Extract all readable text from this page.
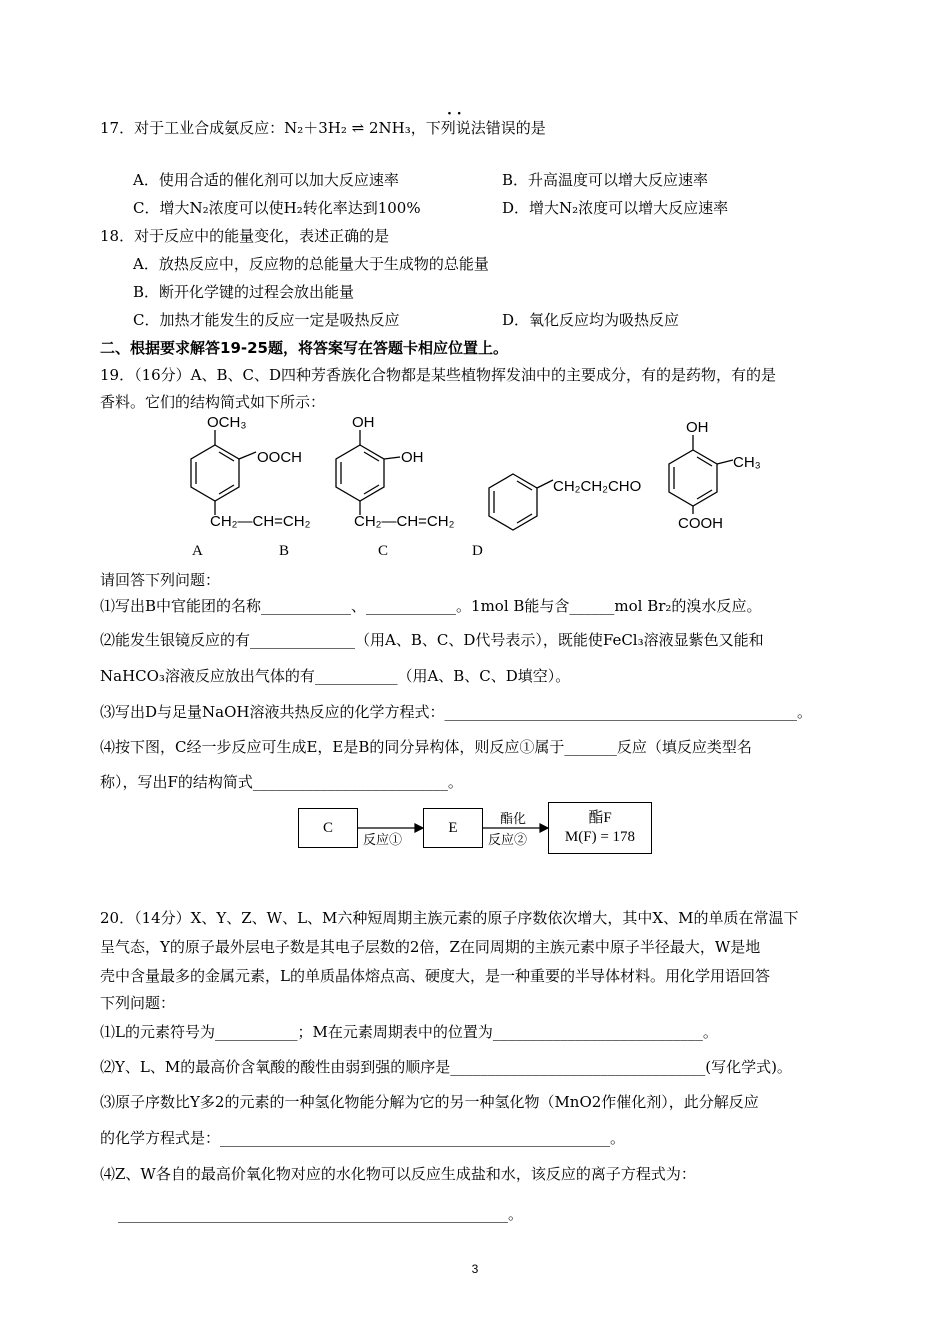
17．对于工业合成氨反应：N₂＋3H₂ ⇌ 2NH₃，下列说法错误的是
· ·
A．使用合适的催化剂可以加大反应速率	B．升高温度可以增大反应速率
C．增大N₂浓度可以使H₂转化率达到100%	D．增大N₂浓度可以增大反应速率
18．对于反应中的能量变化，表述正确的是
A．放热反应中，反应物的总能量大于生成物的总能量
B．断开化学键的过程会放出能量
C．加热才能发生的反应一定是吸热反应	D．氧化反应均为吸热反应
二、根据要求解答19-25题，将答案写在答题卡相应位置上。
19．（16分）A、B、C、D四种芳香族化合物都是某些植物挥发油中的主要成分，有的是药物，有的是
香料。它们的结构简式如下所示：
OCH₃
OOCH
CH₂—CH=CH₂
OH
OH
CH₂—CH=CH₂
CH₂CH₂CHO
OH
CH₃
COOH
A	B	C	D
请回答下列问题：
⑴写出B中官能团的名称____________、____________。1mol B能与含______mol Br₂的溴水反应。
⑵能发生银镜反应的有______________（用A、B、C、D代号表示），既能使FeCl₃溶液显紫色又能和
NaHCO₃溶液反应放出气体的有___________（用A、B、C、D填空）。
⑶写出D与足量NaOH溶液共热反应的化学方程式：_______________________________________________。
⑷按下图，C经一步反应可生成E，E是B的同分异构体，则反应①属于_______反应（填反应类型名
称），写出F的结构简式__________________________。
C	E
酯F
M(F) = 178
反应①
酯化
反应②
20．（14分）X、Y、Z、W、L、M六种短周期主族元素的原子序数依次增大，其中X、M的单质在常温下
呈气态，Y的原子最外层电子数是其电子层数的2倍，Z在同周期的主族元素中原子半径最大，W是地
壳中含量最多的金属元素，L的单质晶体熔点高、硬度大，是一种重要的半导体材料。用化学用语回答
下列问题：
⑴L的元素符号为___________；M在元素周期表中的位置为____________________________。
⑵Y、L、M的最高价含氧酸的酸性由弱到强的顺序是__________________________________(写化学式)。
⑶原子序数比Y多2的元素的一种氢化物能分解为它的另一种氢化物（MnO2作催化剂），此分解反应
的化学方程式是：____________________________________________________。
⑷Z、W各自的最高价氧化物对应的水化物可以反应生成盐和水，该反应的离子方程式为：
____________________________________________________。
3
